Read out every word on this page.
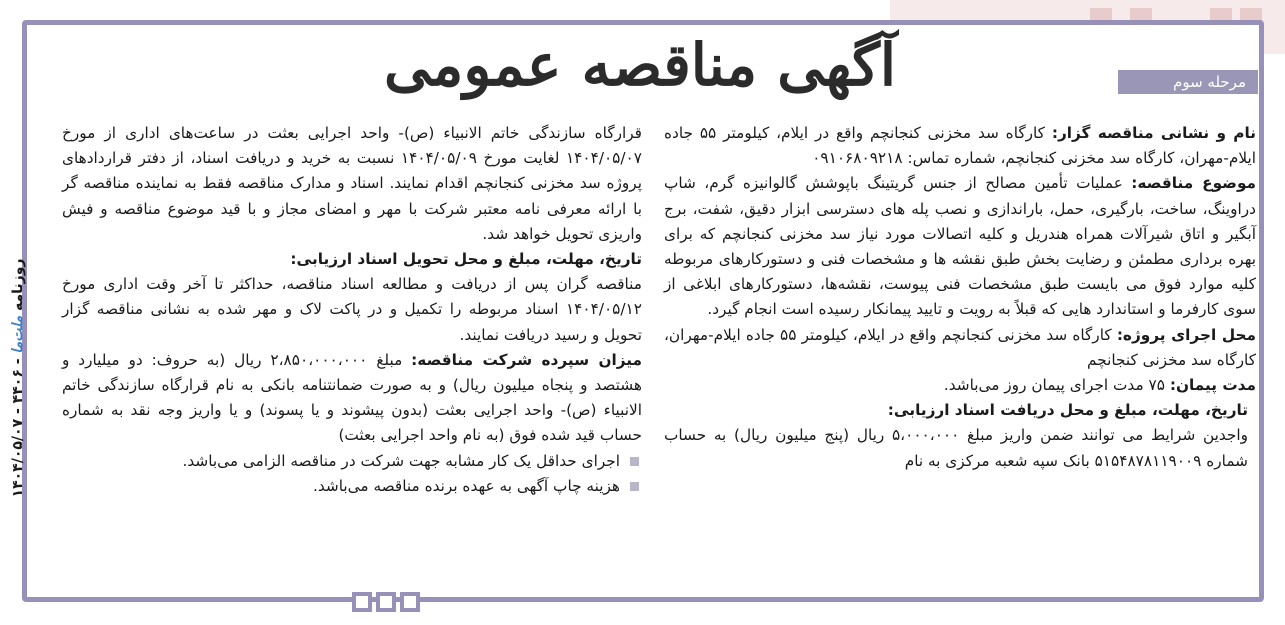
آگهی مناقصه عمومی	مرحله سوم

نام و نشانی مناقصه گزار: کارگاه سد مخزنی کنجانچم واقع در ایلام، کیلومتر ۵۵ جاده ایلام-مهران، کارگاه سد مخزنی کنجانچم، شماره تماس: ۰۹۱۰۶۸۰۹۲۱۸

موضوع مناقصه: عملیات تأمین مصالح از جنس گریتینگ باپوشش گالوانیزه گرم، شاپ دراوینگ، ساخت، بارگیری، حمل، باراندازی و نصب پله های دسترسی ابزار دقیق، شفت، برج آبگیر و اتاق شیرآلات همراه هندریل و کلیه اتصالات مورد نیاز سد مخزنی کنجانچم که برای بهره برداری مطمئن و رضایت بخش طبق نقشه ها و مشخصات فنی و دستورکارهای مربوطه کلیه موارد فوق می بایست طبق مشخصات فنی پیوست، نقشه‌ها، دستورکارهای ابلاغی از سوی کارفرما و استاندارد هایی که قبلاً به رویت و تایید پیمانکار رسیده است انجام گیرد.

محل اجرای پروژه: کارگاه سد مخزنی کنجانچم واقع در ایلام، کیلومتر ۵۵ جاده ایلام-مهران، کارگاه سد مخزنی کنجانچم

مدت پیمان: ۷۵ مدت اجرای پیمان روز می‌باشد.

تاریخ، مهلت، مبلغ و محل دریافت اسناد ارزیابی:

واجدین شرایط می توانند ضمن واریز مبلغ ۵،۰۰۰،۰۰۰ ریال (پنج میلیون ریال) به حساب شماره ۵۱۵۴۸۷۸۱۱۹۰۰۹ بانک سپه شعبه مرکزی به نام

قرارگاه سازندگی خاتم الانبیاء (ص)- واحد اجرایی بعثت در ساعت‌های اداری از مورخ ۱۴۰۴/۰۵/۰۷ لغایت مورخ ۱۴۰۴/۰۵/۰۹ نسبت به خرید و دریافت اسناد، از دفتر قراردادهای پروژه سد مخزنی کنجانچم اقدام نمایند. اسناد و مدارک مناقصه فقط به نماینده مناقصه گر با ارائه معرفی نامه معتبر شرکت با مهر و امضای مجاز و با قید موضوع مناقصه و فیش واریزی تحویل خواهد شد.

تاریخ، مهلت، مبلغ و محل تحویل اسناد ارزیابی:

مناقصه گران پس از دریافت و مطالعه اسناد مناقصه، حداکثر تا آخر وقت اداری مورخ ۱۴۰۴/۰۵/۱۲ اسناد مربوطه را تکمیل و در پاکت لاک و مهر شده به نشانی مناقصه گزار تحویل و رسید دریافت نمایند.

میزان سپرده شرکت مناقصه: مبلغ ۲،۸۵۰،۰۰۰،۰۰۰ ریال (به حروف: دو میلیارد و هشتصد و پنجاه میلیون ریال) و به صورت ضمانتنامه بانکی به نام قرارگاه سازندگی خاتم الانبیاء (ص)- واحد اجرایی بعثت (بدون پیشوند و یا پسوند) و یا واریز وجه نقد به شماره حساب قید شده فوق (به نام واحد اجرایی بعثت)

اجرای حداقل یک کار مشابه جهت شرکت در مناقصه الزامی می‌باشد.

هزینه چاپ آگهی به عهده برنده مناقصه می‌باشد.

روزنامه ملت‌ما - ۴۴۰۶ - ۱۴۰۴/۰۵/۰۷
